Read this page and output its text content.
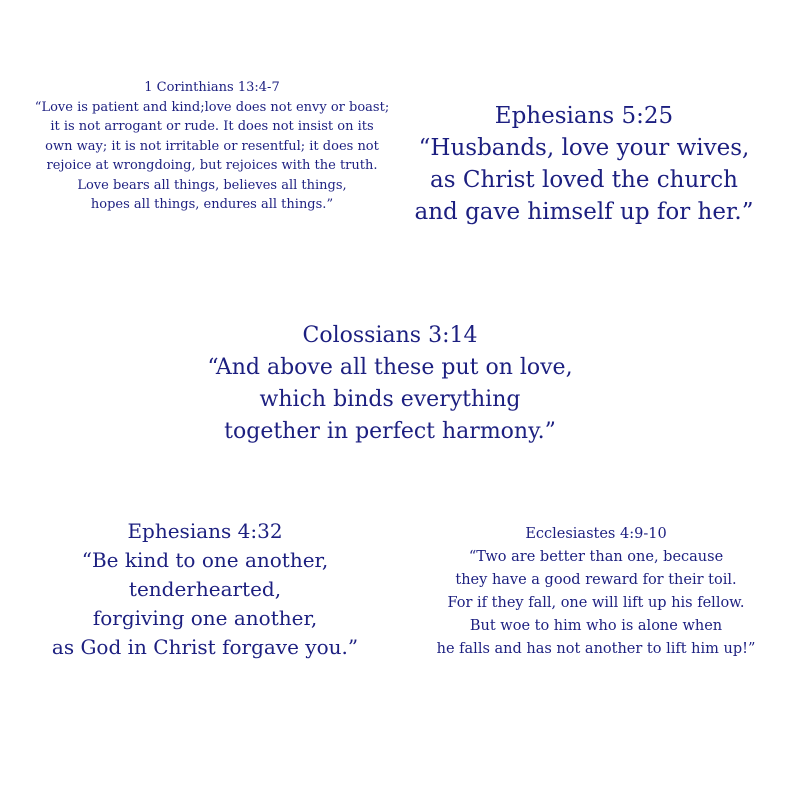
1 Corinthians 13:4-7
“Love is patient and kind;love does not envy or boast;
it is not arrogant or rude. It does not insist on its
own way; it is not irritable or resentful; it does not
rejoice at wrongdoing, but rejoices with the truth.
Love bears all things, believes all things,
hopes all things, endures all things.”
Ephesians 5:25
“Husbands, love your wives,
as Christ loved the church
and gave himself up for her.”
Colossians 3:14
“And above all these put on love,
which binds everything
together in perfect harmony.”
Ephesians 4:32
“Be kind to one another,
tenderhearted,
forgiving one another,
as God in Christ forgave you.”
Ecclesiastes 4:9-10
“Two are better than one, because
they have a good reward for their toil.
For if they fall, one will lift up his fellow.
But woe to him who is alone when
he falls and has not another to lift him up!”
